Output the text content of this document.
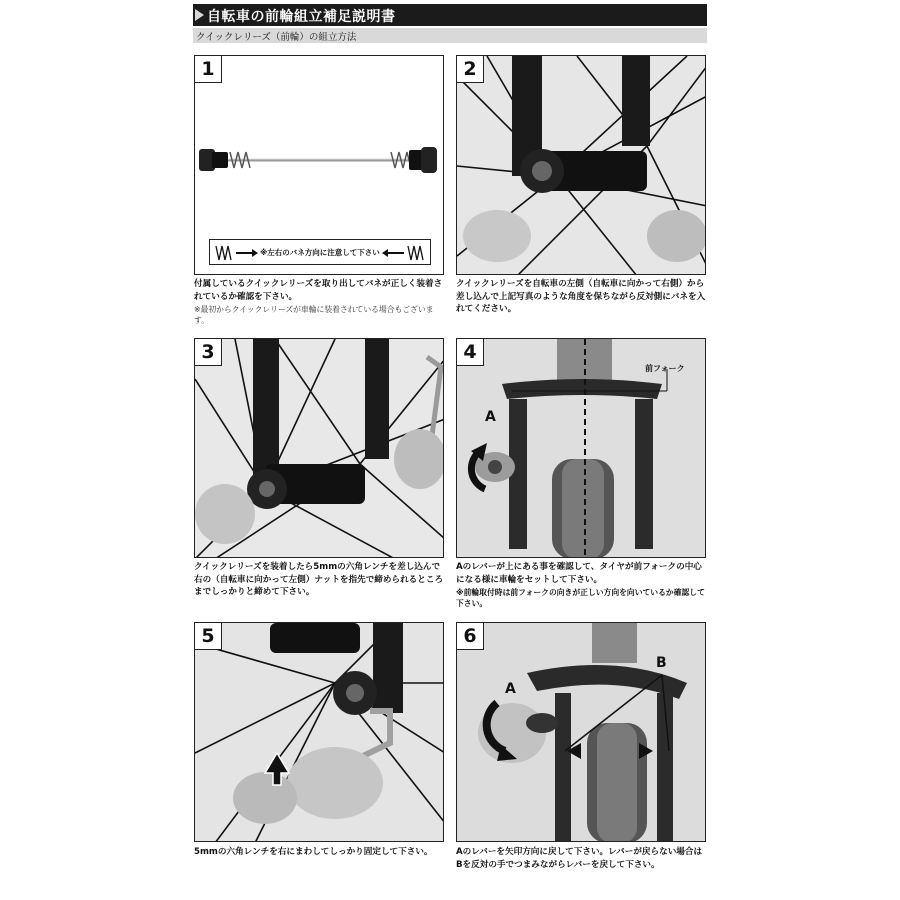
自転車の前輪組立補足説明書
クイックレリーズ（前輪）の組立方法
1
※左右のバネ方向に注意して下さい
付属しているクイックレリーズを取り出してバネが正しく装着されているか確認を下さい。
※最初からクイックレリーズが車輪に装着されている場合もございます。
2
クイックレリーズを自転車の左側（自転車に向かって右側）から差し込んで上記写真のような角度を保ちながら反対側にバネを入れてください。
3
クイックレリーズを装着したら5mmの六角レンチを差し込んで右の（自転車に向かって左側）ナットを指先で締められるところまでしっかりと締めて下さい。
4
前フォーク
A
Aのレバーが上にある事を確認して、タイヤが前フォークの中心になる様に車輪をセットして下さい。
※前輪取付時は前フォークの向きが正しい方向を向いているか確認して下さい。
5
5mmの六角レンチを右にまわしてしっかり固定して下さい。
6
A
B
Aのレバーを矢印方向に戻して下さい。レバーが戻らない場合はBを反対の手でつまみながらレバーを戻して下さい。
